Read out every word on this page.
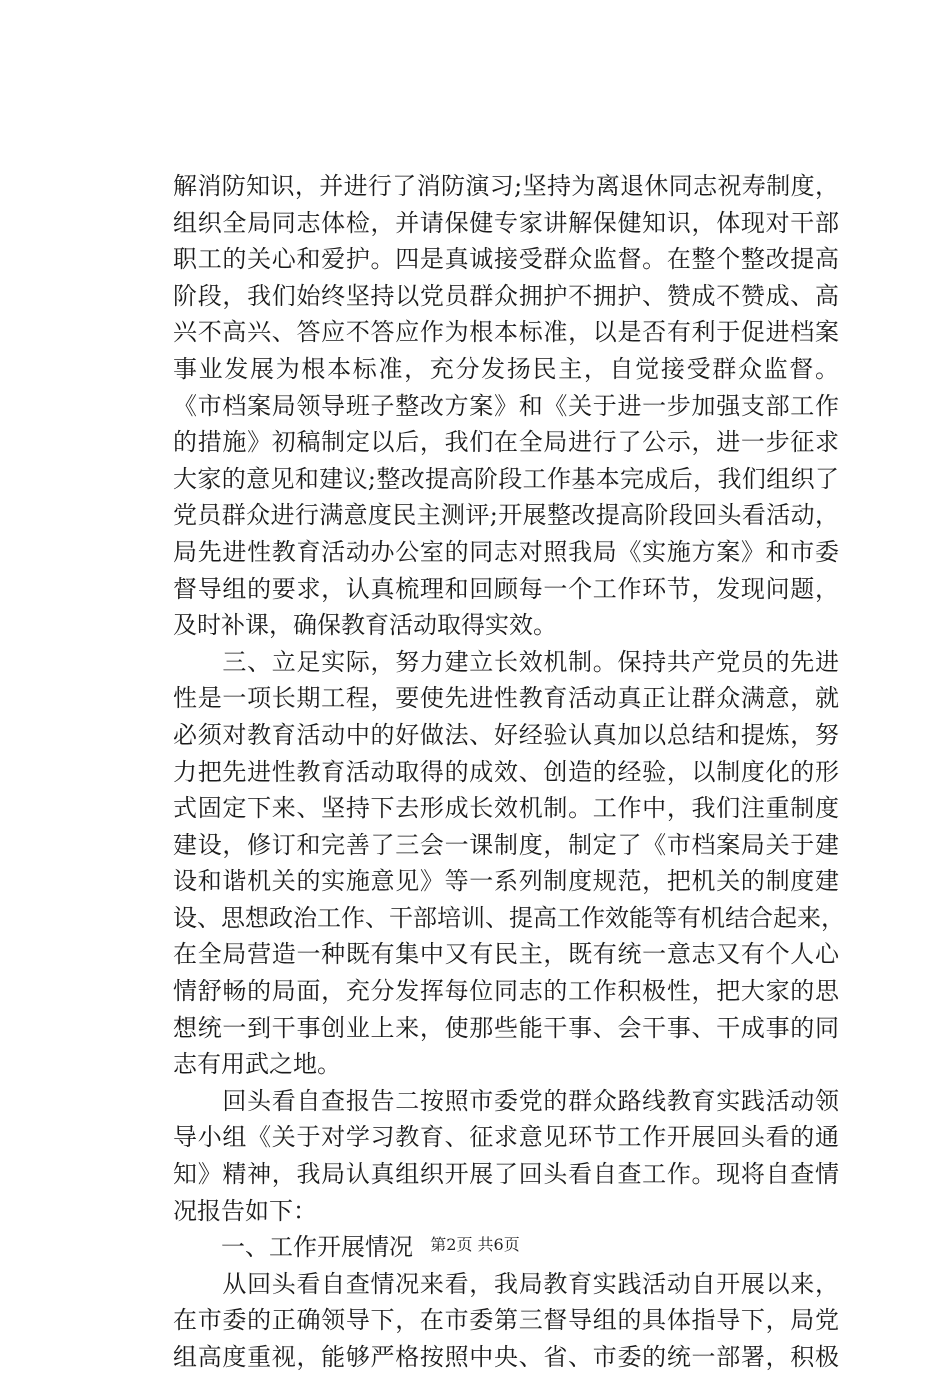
解消防知识，并进行了消防演习;坚持为离退休同志祝寿制度，
组织全局同志体检，并请保健专家讲解保健知识，体现对干部
职工的关心和爱护。四是真诚接受群众监督。在整个整改提高
阶段，我们始终坚持以党员群众拥护不拥护、赞成不赞成、高
兴不高兴、答应不答应作为根本标准，以是否有利于促进档案
事业发展为根本标准，充分发扬民主，自觉接受群众监督。
《市档案局领导班子整改方案》和《关于进一步加强支部工作
的措施》初稿制定以后，我们在全局进行了公示，进一步征求
大家的意见和建议;整改提高阶段工作基本完成后，我们组织了
党员群众进行满意度民主测评;开展整改提高阶段回头看活动，
局先进性教育活动办公室的同志对照我局《实施方案》和市委
督导组的要求，认真梳理和回顾每一个工作环节，发现问题，
及时补课，确保教育活动取得实效。
　　三、立足实际，努力建立长效机制。保持共产党员的先进
性是一项长期工程，要使先进性教育活动真正让群众满意，就
必须对教育活动中的好做法、好经验认真加以总结和提炼，努
力把先进性教育活动取得的成效、创造的经验，以制度化的形
式固定下来、坚持下去形成长效机制。工作中，我们注重制度
建设，修订和完善了三会一课制度，制定了《市档案局关于建
设和谐机关的实施意见》等一系列制度规范，把机关的制度建
设、思想政治工作、干部培训、提高工作效能等有机结合起来，
在全局营造一种既有集中又有民主，既有统一意志又有个人心
情舒畅的局面，充分发挥每位同志的工作积极性，把大家的思
想统一到干事创业上来，使那些能干事、会干事、干成事的同
志有用武之地。
　　回头看自查报告二按照市委党的群众路线教育实践活动领
导小组《关于对学习教育、征求意见环节工作开展回头看的通
知》精神，我局认真组织开展了回头看自查工作。现将自查情
况报告如下：
　　一、工作开展情况
　　从回头看自查情况来看，我局教育实践活动自开展以来，
在市委的正确领导下，在市委第三督导组的具体指导下，局党
组高度重视，能够严格按照中央、省、市委的统一部署，积极
第2页 共6页
